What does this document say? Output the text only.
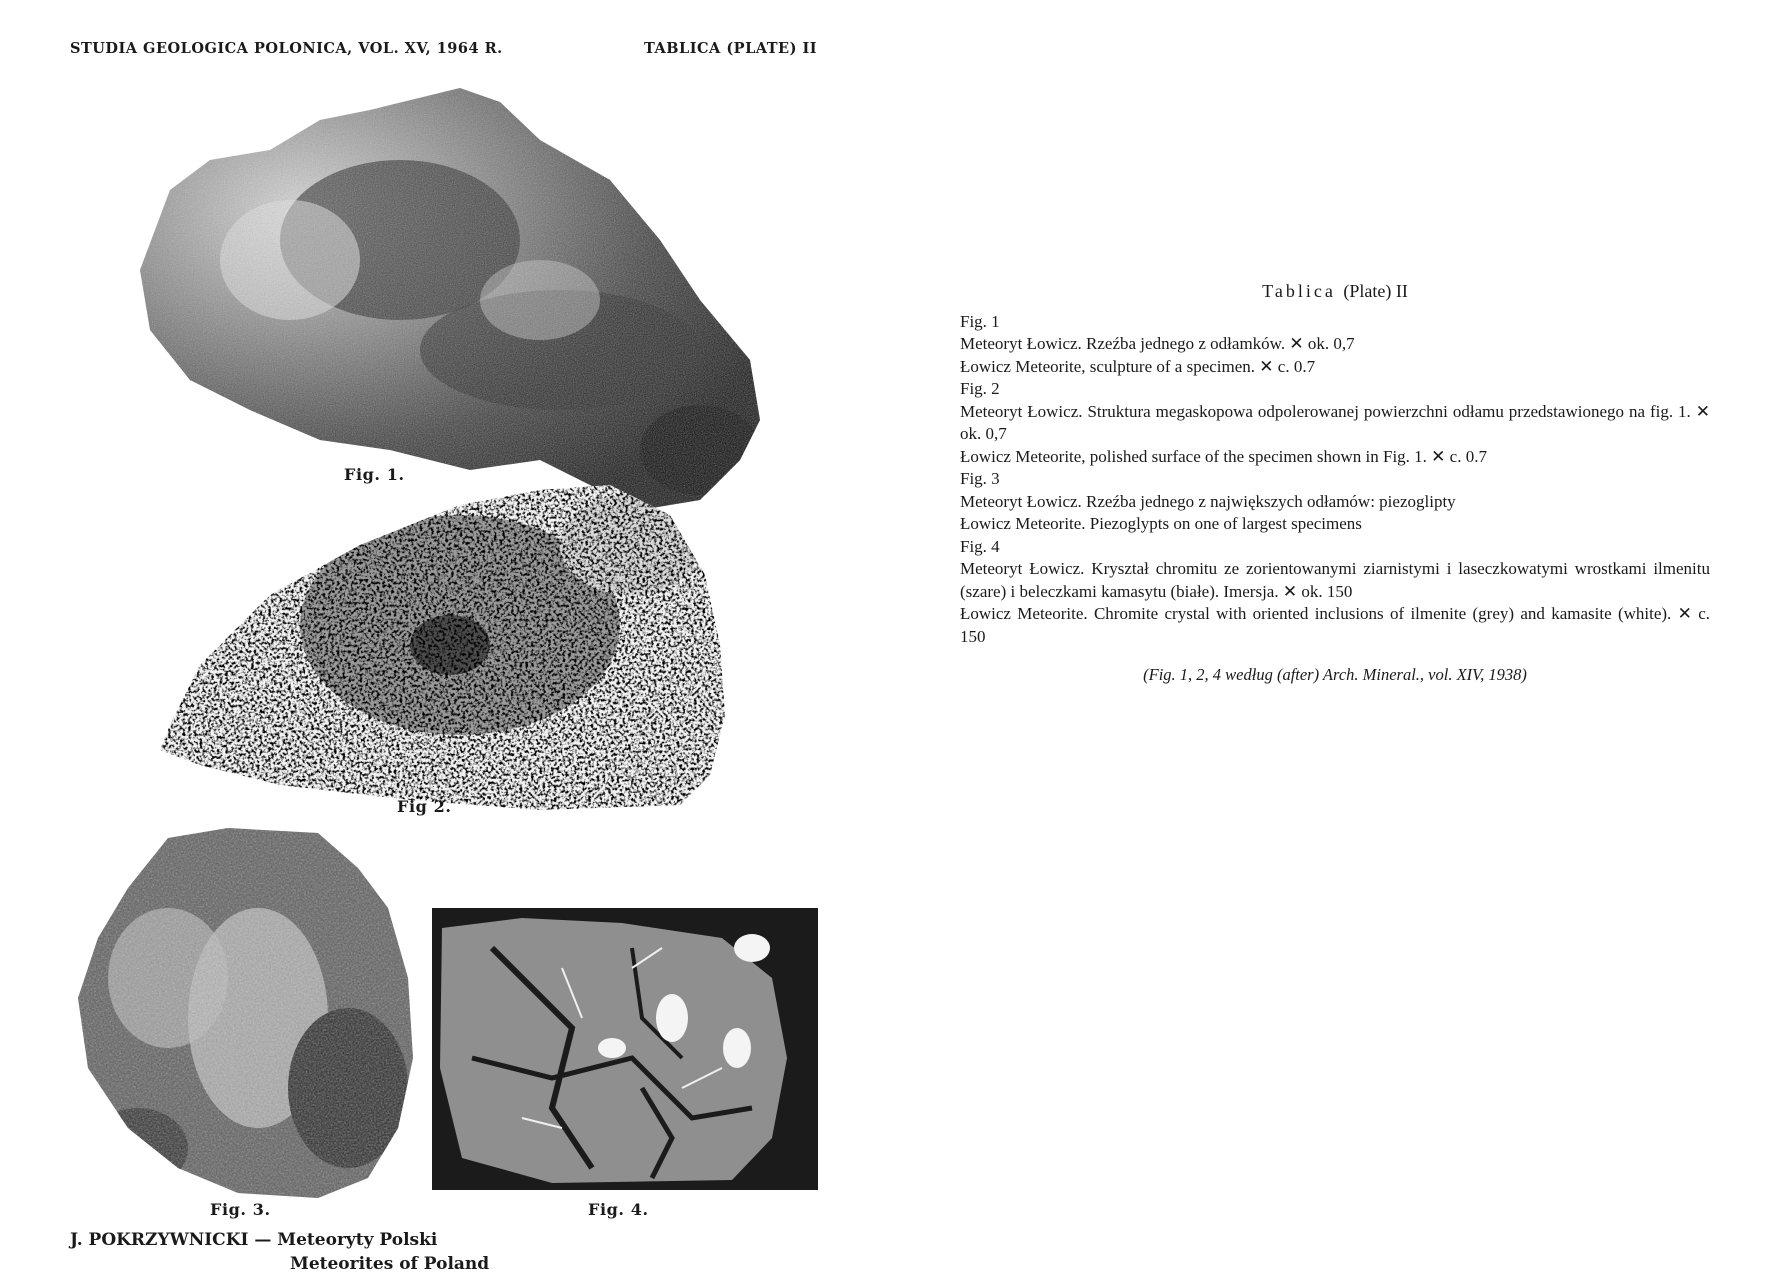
STUDIA GEOLOGICA POLONICA, VOL. XV, 1964 R.	TABLICA (PLATE) II
Fig. 1.
Fig 2.
Fig. 3.	Fig. 4.
J. POKRZYWNICKI — Meteoryty Polski
Meteorites of Poland
Tablica (Plate) II
Fig. 1
Meteoryt Łowicz. Rzeźba jednego z odłamków. ✕ ok. 0,7
Łowicz Meteorite, sculpture of a specimen. ✕ c. 0.7
Fig. 2
Meteoryt Łowicz. Struktura megaskopowa odpolerowanej powierzchni odłamu przedstawionego na fig. 1. ✕ ok. 0,7
Łowicz Meteorite, polished surface of the specimen shown in Fig. 1. ✕ c. 0.7
Fig. 3
Meteoryt Łowicz. Rzeźba jednego z największych odłamów: piezoglipty
Łowicz Meteorite. Piezoglypts on one of largest specimens
Fig. 4
Meteoryt Łowicz. Kryształ chromitu ze zorientowanymi ziarnistymi i laseczkowatymi wrostkami ilmenitu (szare) i beleczkami kamasytu (białe). Imersja. ✕ ok. 150
Łowicz Meteorite. Chromite crystal with oriented inclusions of ilmenite (grey) and kamasite (white). ✕ c. 150
(Fig. 1, 2, 4 według (after) Arch. Mineral., vol. XIV, 1938)
